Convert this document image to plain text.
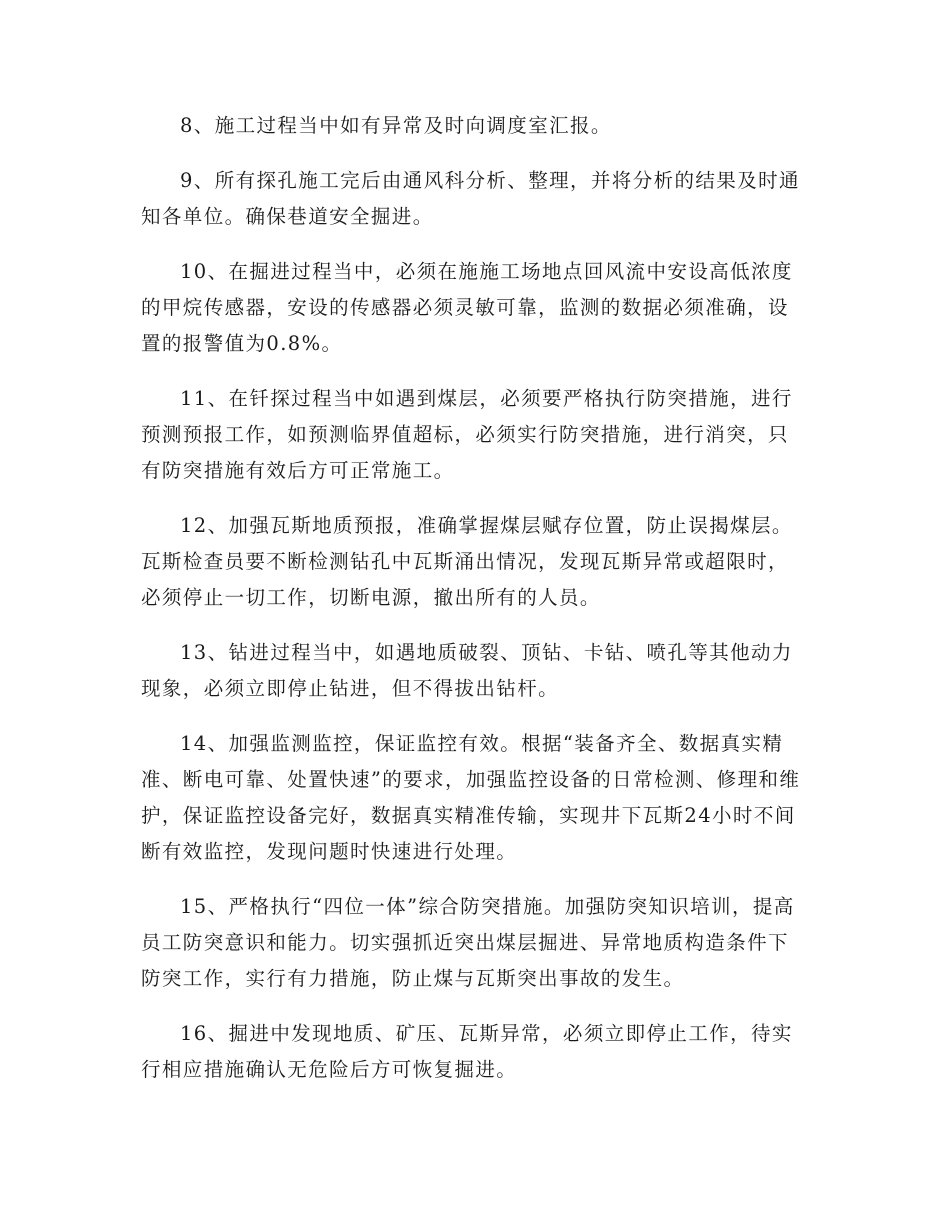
8、施工过程当中如有异常及时向调度室汇报。

9、所有探孔施工完后由通风科分析、整理，并将分析的结果及时通知各单位。确保巷道安全掘进。

10、在掘进过程当中，必须在施施工场地点回风流中安设高低浓度的甲烷传感器，安设的传感器必须灵敏可靠，监测的数据必须准确，设置的报警值为0.8%。

11、在钎探过程当中如遇到煤层，必须要严格执行防突措施，进行预测预报工作，如预测临界值超标，必须实行防突措施，进行消突，只有防突措施有效后方可正常施工。

12、加强瓦斯地质预报，准确掌握煤层赋存位置，防止误揭煤层。瓦斯检查员要不断检测钻孔中瓦斯涌出情况，发现瓦斯异常或超限时，必须停止一切工作，切断电源，撤出所有的人员。

13、钻进过程当中，如遇地质破裂、顶钻、卡钻、喷孔等其他动力现象，必须立即停止钻进，但不得拔出钻杆。

14、加强监测监控，保证监控有效。根据“装备齐全、数据真实精准、断电可靠、处置快速”的要求，加强监控设备的日常检测、修理和维护，保证监控设备完好，数据真实精准传输，实现井下瓦斯24小时不间断有效监控，发现问题时快速进行处理。

15、严格执行“四位一体”综合防突措施。加强防突知识培训，提高员工防突意识和能力。切实强抓近突出煤层掘进、异常地质构造条件下防突工作，实行有力措施，防止煤与瓦斯突出事故的发生。

16、掘进中发现地质、矿压、瓦斯异常，必须立即停止工作，待实行相应措施确认无危险后方可恢复掘进。
